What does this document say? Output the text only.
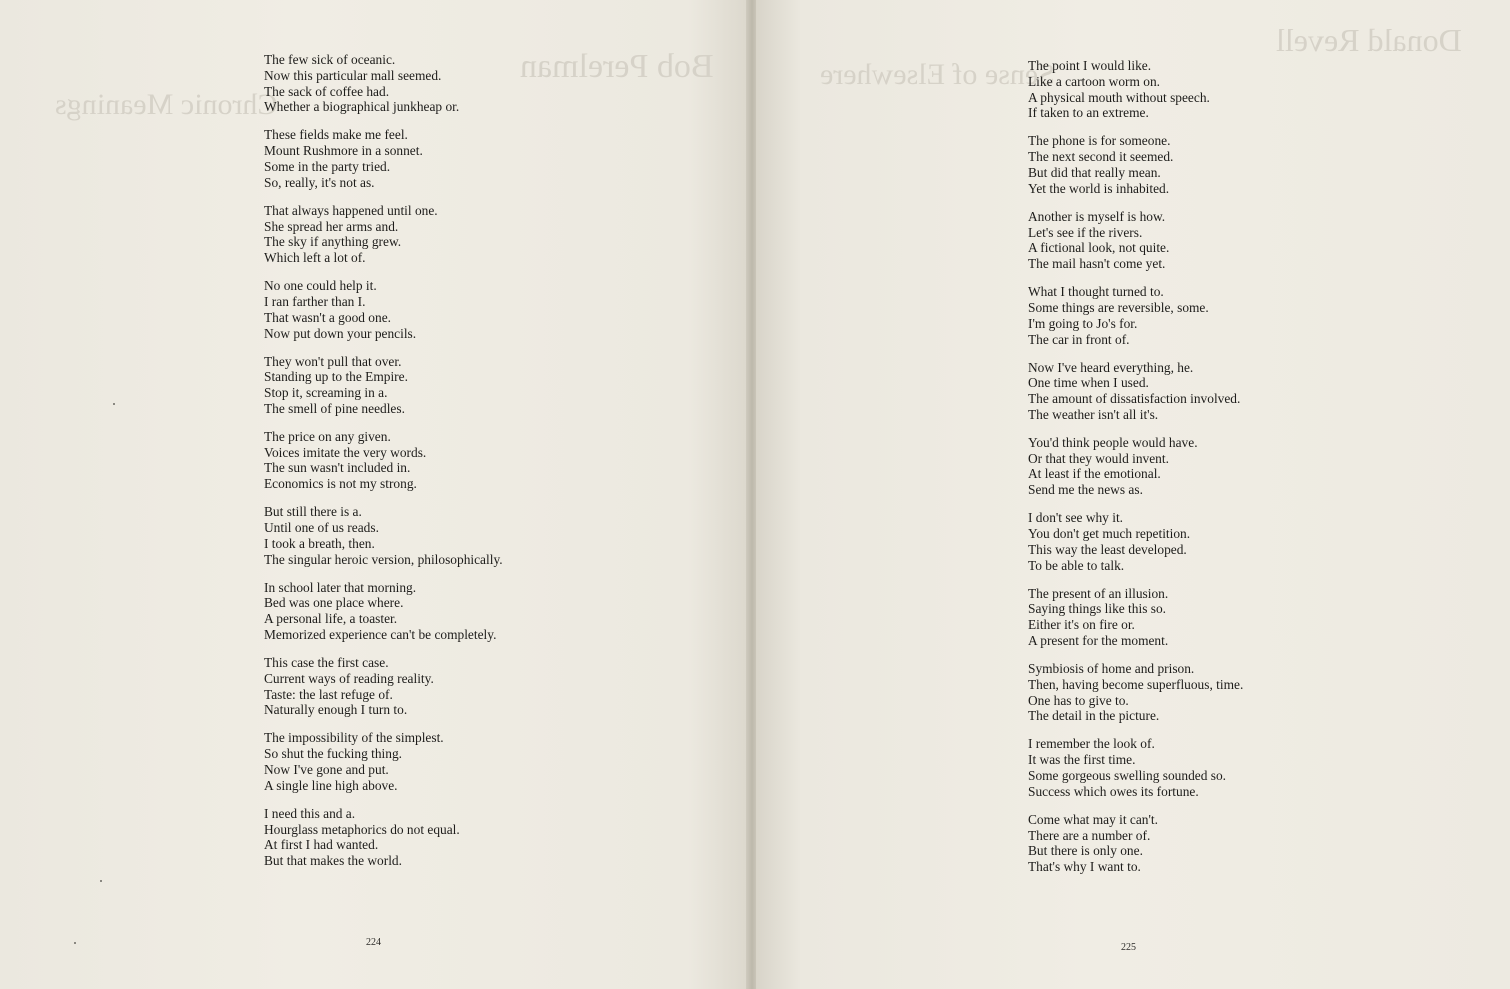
Bob Perelman
Chronic Meanings
The few sick of oceanic.
Now this particular mall seemed.
The sack of coffee had.
Whether a biographical junkheap or.
These fields make me feel.
Mount Rushmore in a sonnet.
Some in the party tried.
So, really, it's not as.
That always happened until one.
She spread her arms and.
The sky if anything grew.
Which left a lot of.
No one could help it.
I ran farther than I.
That wasn't a good one.
Now put down your pencils.
They won't pull that over.
Standing up to the Empire.
Stop it, screaming in a.
The smell of pine needles.
The price on any given.
Voices imitate the very words.
The sun wasn't included in.
Economics is not my strong.
But still there is a.
Until one of us reads.
I took a breath, then.
The singular heroic version, philosophically.
In school later that morning.
Bed was one place where.
A personal life, a toaster.
Memorized experience can't be completely.
This case the first case.
Current ways of reading reality.
Taste: the last refuge of.
Naturally enough I turn to.
The impossibility of the simplest.
So shut the fucking thing.
Now I've gone and put.
A single line high above.
I need this and a.
Hourglass metaphorics do not equal.
At first I had wanted.
But that makes the world.
224
Donald Revell
Sense of Elsewhere
The point I would like.
Like a cartoon worm on.
A physical mouth without speech.
If taken to an extreme.
The phone is for someone.
The next second it seemed.
But did that really mean.
Yet the world is inhabited.
Another is myself is how.
Let's see if the rivers.
A fictional look, not quite.
The mail hasn't come yet.
What I thought turned to.
Some things are reversible, some.
I'm going to Jo's for.
The car in front of.
Now I've heard everything, he.
One time when I used.
The amount of dissatisfaction involved.
The weather isn't all it's.
You'd think people would have.
Or that they would invent.
At least if the emotional.
Send me the news as.
I don't see why it.
You don't get much repetition.
This way the least developed.
To be able to talk.
The present of an illusion.
Saying things like this so.
Either it's on fire or.
A present for the moment.
Symbiosis of home and prison.
Then, having become superfluous, time.
One has to give to.
The detail in the picture.
I remember the look of.
It was the first time.
Some gorgeous swelling sounded so.
Success which owes its fortune.
Come what may it can't.
There are a number of.
But there is only one.
That's why I want to.
225
